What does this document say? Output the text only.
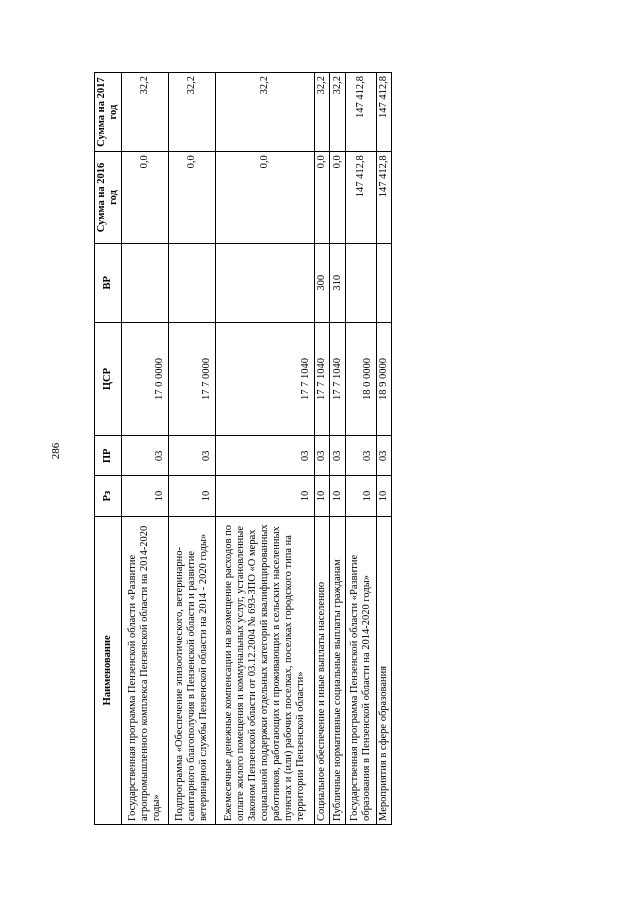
286
Наименование	Рз	ПР	ЦСР	ВР	Сумма на 2016 год	Сумма на 2017 год
Государственная программа Пензенской области «Развитие агропромышленного комплекса Пензенской области на 2014-2020 годы»	10	03	17 0 0000		0,0	32,2
Подпрограмма «Обеспечение эпизоотического, ветеринарно-санитарного благополучия в Пензенской области и развитие ветеринарной службы Пензенской области на 2014 - 2020 годы»	10	03	17 7 0000		0,0	32,2
Ежемесячные денежные компенсации на возмещение расходов по оплате жилого помещения и коммунальных услуг, установленные Законом Пензенской области от 03.12.2004 № 693-ЗПО «О мерах социальной поддержки отдельных категорий квалифицированных работников, работающих и проживающих в сельских населенных пунктах и (или) рабочих поселках, поселках городского типа на территории Пензенской области»	10	03	17 7 1040		0,0	32,2
Социальное обеспечение и иные выплаты населению	10	03	17 7 1040	300	0,0	32,2
Публичные нормативные социальные выплаты гражданам	10	03	17 7 1040	310	0,0	32,2
Государственная программа Пензенской области «Развитие образования в Пензенской области на 2014-2020 годы»	10	03	18 0 0000		147 412,8	147 412,8
Мероприятия в сфере образования	10	03	18 9 0000		147 412,8	147 412,8
